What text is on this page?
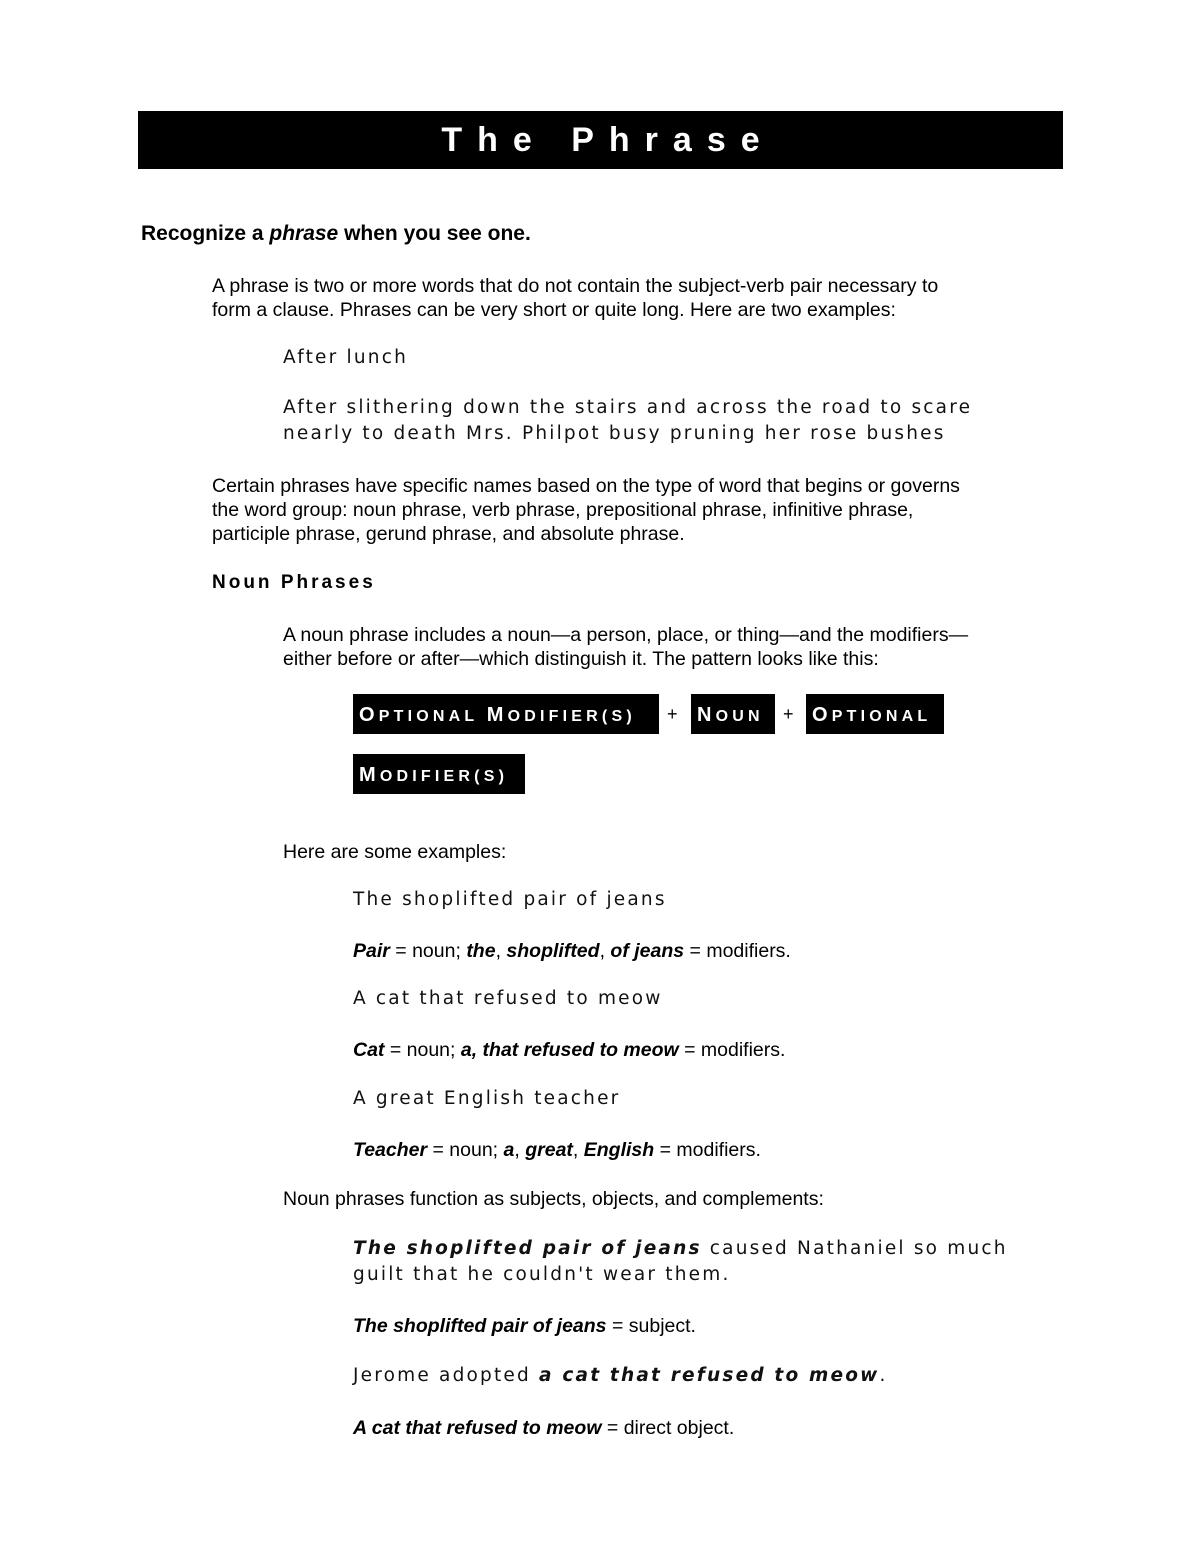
The Phrase
Recognize a phrase when you see one.
A phrase is two or more words that do not contain the subject-verb pair necessary to
form a clause. Phrases can be very short or quite long. Here are two examples:
After lunch
After slithering down the stairs and across the road to scare
nearly to death Mrs. Philpot busy pruning her rose bushes
Certain phrases have specific names based on the type of word that begins or governs
the word group: noun phrase, verb phrase, prepositional phrase, infinitive phrase,
participle phrase, gerund phrase, and absolute phrase.
Noun Phrases
A noun phrase includes a noun—a person, place, or thing—and the modifiers—
either before or after—which distinguish it. The pattern looks like this:
OPTIONAL MODIFIER(S)	+ NOUN	+ OPTIONAL
MODIFIER(S)
Here are some examples:
The shoplifted pair of jeans
Pair = noun; the, shoplifted, of jeans = modifiers.
A cat that refused to meow
Cat = noun; a, that refused to meow = modifiers.
A great English teacher
Teacher = noun; a, great, English = modifiers.
Noun phrases function as subjects, objects, and complements:
The shoplifted pair of jeans caused Nathaniel so much
guilt that he couldn't wear them.
The shoplifted pair of jeans = subject.
Jerome adopted a cat that refused to meow.
A cat that refused to meow = direct object.
